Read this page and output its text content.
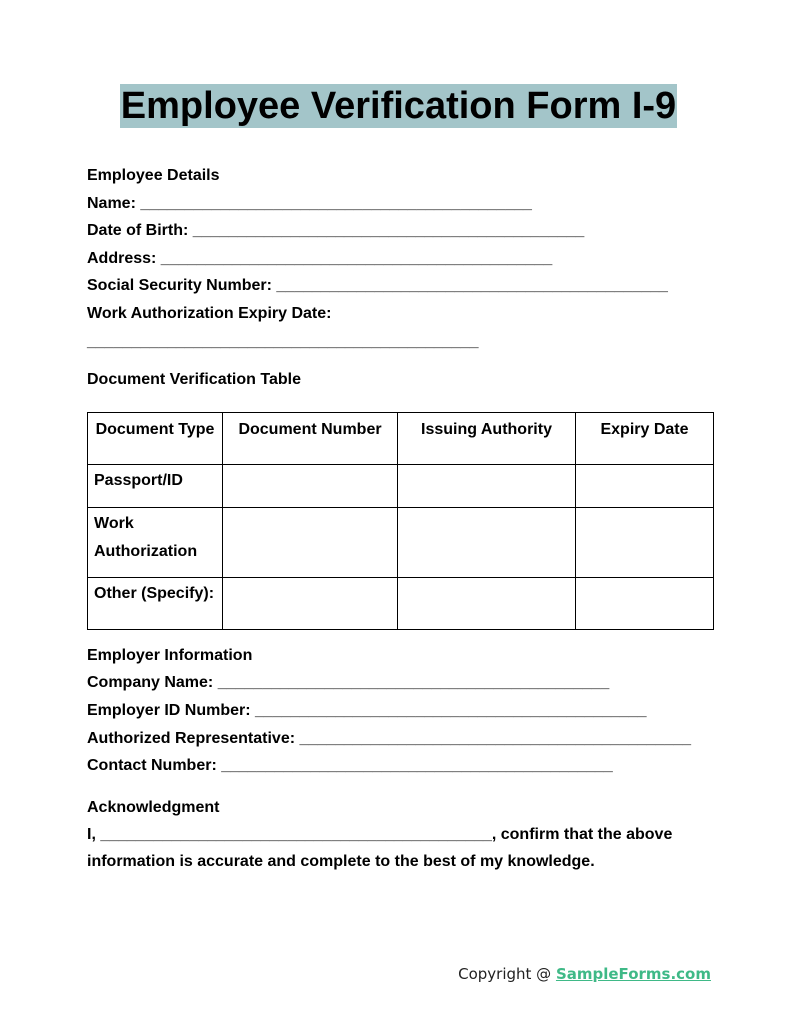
Employee Verification Form I-9
Employee Details
Name: ____________________________________________
Date of Birth: ____________________________________________
Address: ____________________________________________
Social Security Number: ____________________________________________
Work Authorization Expiry Date:
____________________________________________
Document Verification Table
Document Type	Document Number	Issuing Authority	Expiry Date
Passport/ID			
Work Authorization			
Other (Specify):			
Employer Information
Company Name: ____________________________________________
Employer ID Number: ____________________________________________
Authorized Representative: ____________________________________________
Contact Number: ____________________________________________
Acknowledgment
I, ____________________________________________, confirm that the above information is accurate and complete to the best of my knowledge.
Copyright @ SampleForms.com
